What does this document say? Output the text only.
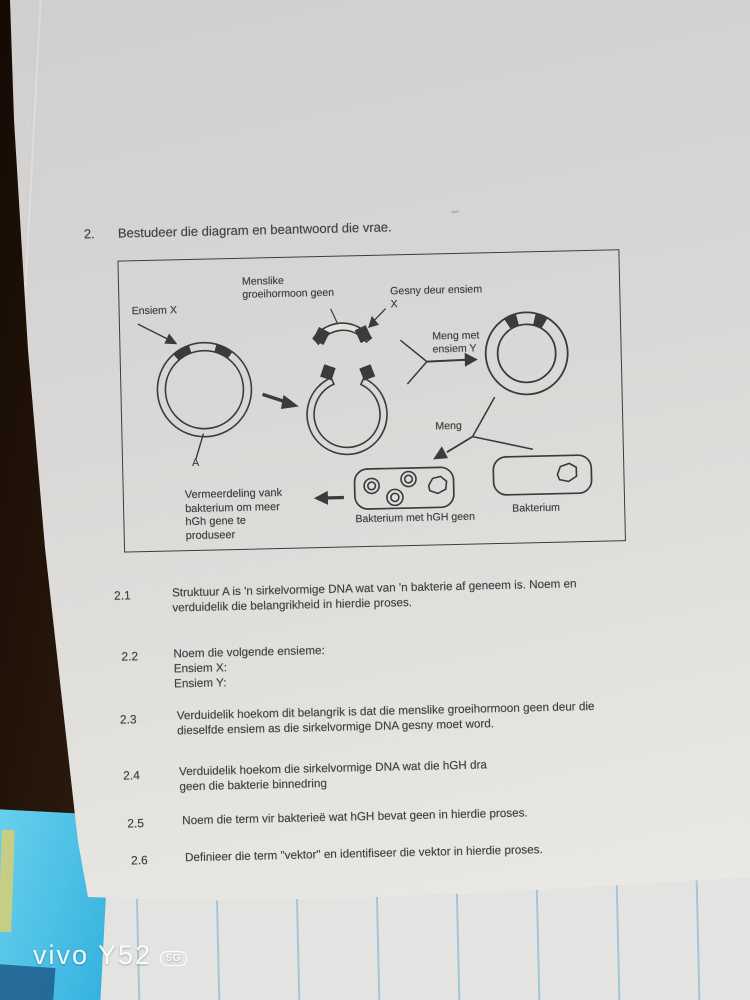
2. Bestudeer die diagram en beantwoord die vrae.
Ensiem X
Menslike
groeihormoon geen	Gesny deur ensiem
X
Meng met
ensiem Y
Meng
A
Vermeerdeling vank
bakterium om meer
hGh gene te
produseer
Bakterium met hGH geen
Bakterium
2.1	Struktuur A is 'n sirkelvormige DNA wat van 'n bakterie af geneem is. Noem en
verduidelik die belangrikheid in hierdie proses.
2.2	Noem die volgende ensieme:
Ensiem X:
Ensiem Y:
2.3	Verduidelik hoekom dit belangrik is dat die menslike groeihormoon geen deur die
dieselfde ensiem as die sirkelvormige DNA gesny moet word.
2.4	Verduidelik hoekom die sirkelvormige DNA wat die hGH dra
geen die bakterie binnedring
2.5	Noem die term vir bakterieë wat hGH bevat geen in hierdie proses.
2.6	Definieer die term "vektor" en identifiseer die vektor in hierdie proses.
vivo Y52	5G
